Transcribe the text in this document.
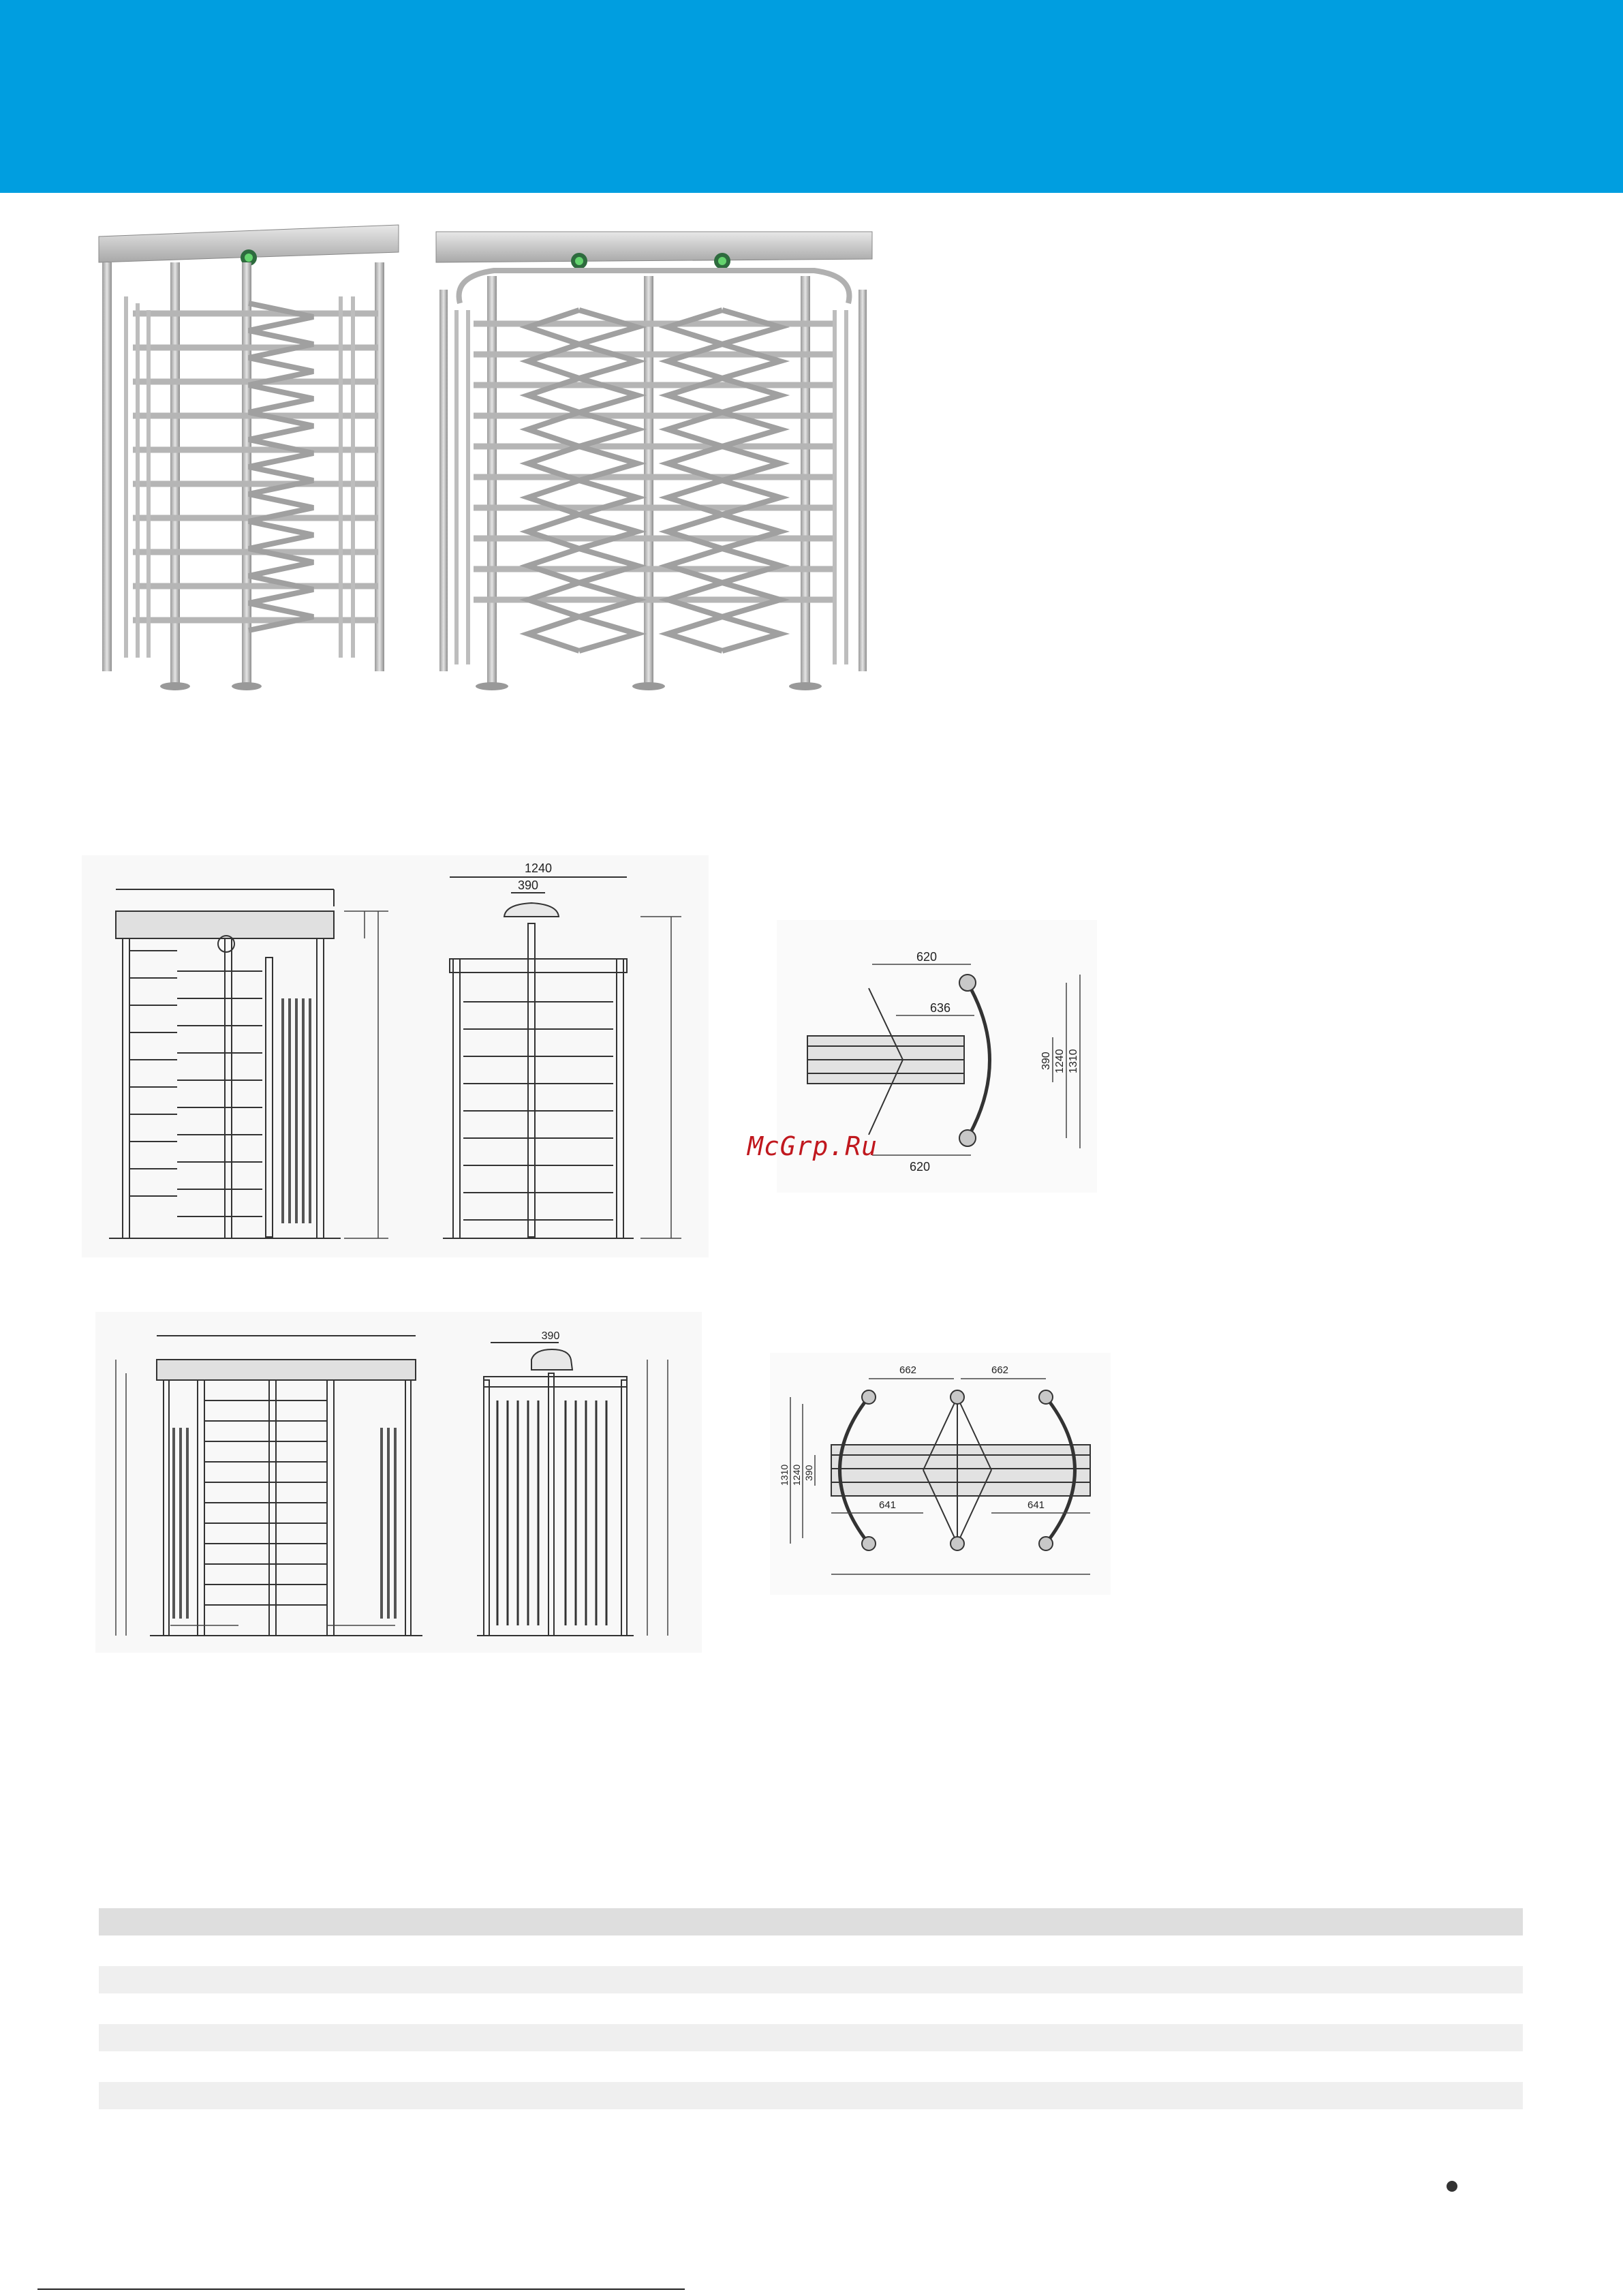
1240
390
620
636
620
390 1240 1310
McGrp.Ru
390
662	662
641	641
1310 1240 390
